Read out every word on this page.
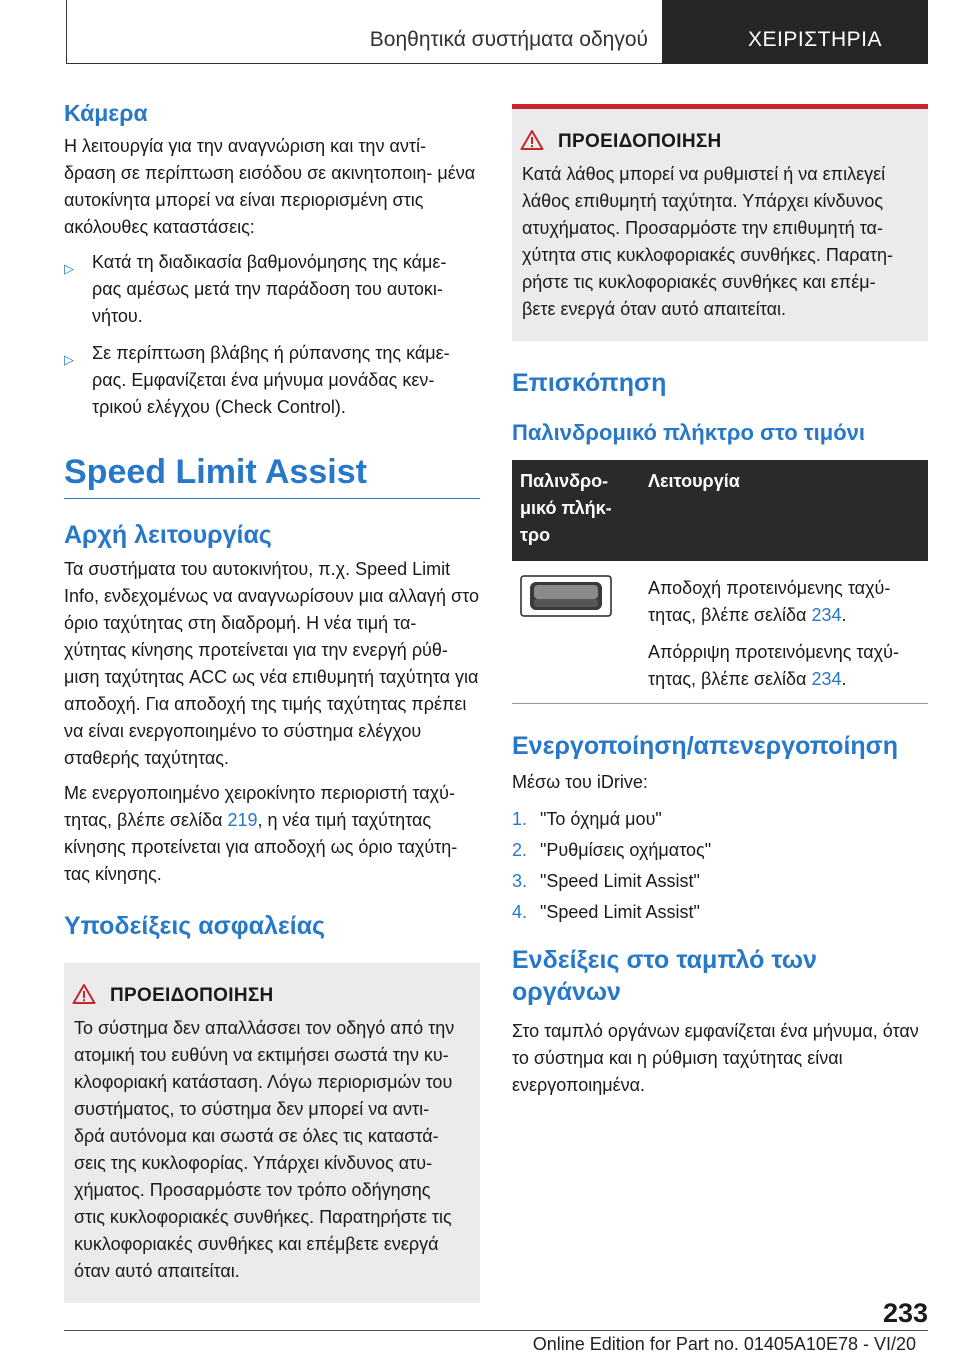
Βοηθητικά συστήματα οδηγού	ΧΕΙΡΙΣΤΗΡΙΑ
Κάμερα

Η λειτουργία για την αναγνώριση και την αντί- δραση σε περίπτωση εισόδου σε ακινητοποιη- μένα αυτοκίνητα μπορεί να είναι περιορισμένη στις ακόλουθες καταστάσεις:

▷ Κατά τη διαδικασία βαθμονόμησης της κάμε- ρας αμέσως μετά την παράδοση του αυτοκι- νήτου.
▷ Σε περίπτωση βλάβης ή ρύπανσης της κάμε- ρας. Εμφανίζεται ένα μήνυμα μονάδας κεν- τρικού ελέγχου (Check Control).
Speed Limit Assist
Αρχή λειτουργίας

Τα συστήματα του αυτοκινήτου, π.χ. Speed Limit Info, ενδεχομένως να αναγνωρίσουν μια αλλαγή στο όριο ταχύτητας στη διαδρομή. Η νέα τιμή τα- χύτητας κίνησης προτείνεται για την ενεργή ρύθ- μιση ταχύτητας ACC ως νέα επιθυμητή ταχύτητα για αποδοχή. Για αποδοχή της τιμής ταχύτητας πρέπει να είναι ενεργοποιημένο το σύστημα ελέγχου σταθερής ταχύτητας.

Με ενεργοποιημένο χειροκίνητο περιοριστή ταχύ- τητας, βλέπε σελίδα 219, η νέα τιμή ταχύτητας κίνησης προτείνεται για αποδοχή ως όριο ταχύτη- τας κίνησης.

Υποδείξεις ασφαλείας
ΠΡΟΕΙΔΟΠΟΙΗΣΗ

Το σύστημα δεν απαλλάσσει τον οδηγό από την ατομική του ευθύνη να εκτιμήσει σωστά την κυ- κλοφοριακή κατάσταση. Λόγω περιορισμών του συστήματος, το σύστημα δεν μπορεί να αντι- δρά αυτόνομα και σωστά σε όλες τις καταστά- σεις της κυκλοφορίας. Υπάρχει κίνδυνος ατυ- χήματος. Προσαρμόστε τον τρόπο οδήγησης στις κυκλοφοριακές συνθήκες. Παρατηρήστε τις κυκλοφοριακές συνθήκες και επέμβετε ενεργά όταν αυτό απαιτείται.

ΠΡΟΕΙΔΟΠΟΙΗΣΗ

Κατά λάθος μπορεί να ρυθμιστεί ή να επιλεγεί λάθος επιθυμητή ταχύτητα. Υπάρχει κίνδυνος ατυχήματος. Προσαρμόστε την επιθυμητή τα- χύτητα στις κυκλοφοριακές συνθήκες. Παρατη- ρήστε τις κυκλοφοριακές συνθήκες και επέμ- βετε ενεργά όταν αυτό απαιτείται.

Επισκόπηση
Παλινδρομικό πλήκτρο στο τιμόνι
Παλινδρο- μικό πλήκ- τρο	Λειτουργία

Αποδοχή προτεινόμενης ταχύ- τητας, βλέπε σελίδα 234.

Απόρριψη προτεινόμενης ταχύ- τητας, βλέπε σελίδα 234.

Ενεργοποίηση/απενεργοποίηση

Μέσω του iDrive:

1. "Το όχημά μου"
2. "Ρυθμίσεις οχήματος"
3. "Speed Limit Assist"
4. "Speed Limit Assist"
Ενδείξεις στο ταμπλό των οργάνων

Στο ταμπλό οργάνων εμφανίζεται ένα μήνυμα, όταν το σύστημα και η ρύθμιση ταχύτητας είναι ενεργοποιημένα.

233
Online Edition for Part no. 01405A10E78 - VI/20
